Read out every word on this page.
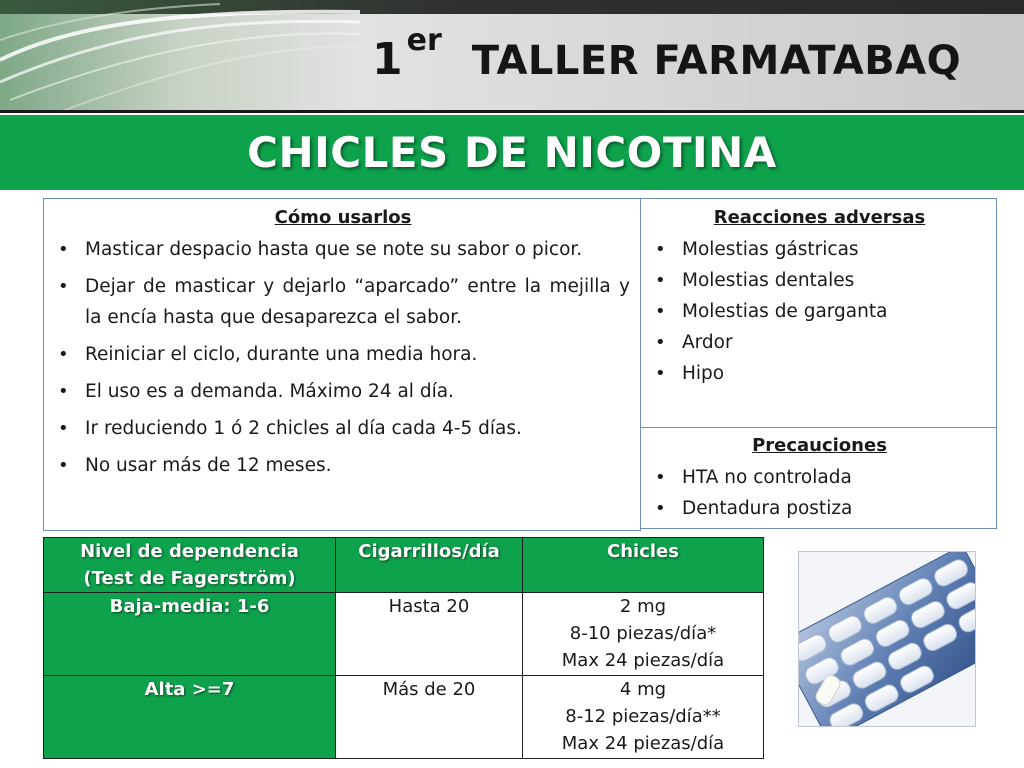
1 er TALLER FARMATABAQ
CHICLES DE NICOTINA
Cómo usarlos
• Masticar despacio hasta que se note su sabor o picor.
• Dejar de masticar y dejarlo “aparcado” entre la mejilla y la encía hasta que desaparezca el sabor.
• Reiniciar el ciclo, durante una media hora.
• El uso es a demanda. Máximo 24 al día.
• Ir reduciendo 1 ó 2 chicles al día cada 4-5 días.
• No usar más de 12 meses.
Reacciones adversas
• Molestias gástricas
• Molestias dentales
• Molestias de garganta
• Ardor
• Hipo
Precauciones
• HTA no controlada
• Dentadura postiza
Nivel de dependencia
(Test de Fagerström)	Cigarrillos/día	Chicles
Baja-media: 1-6	Hasta 20	2 mg
8-10 piezas/día*
Max 24 piezas/día

Alta >=7	Más de 20	4 mg
8-12 piezas/día**
Max 24 piezas/día
